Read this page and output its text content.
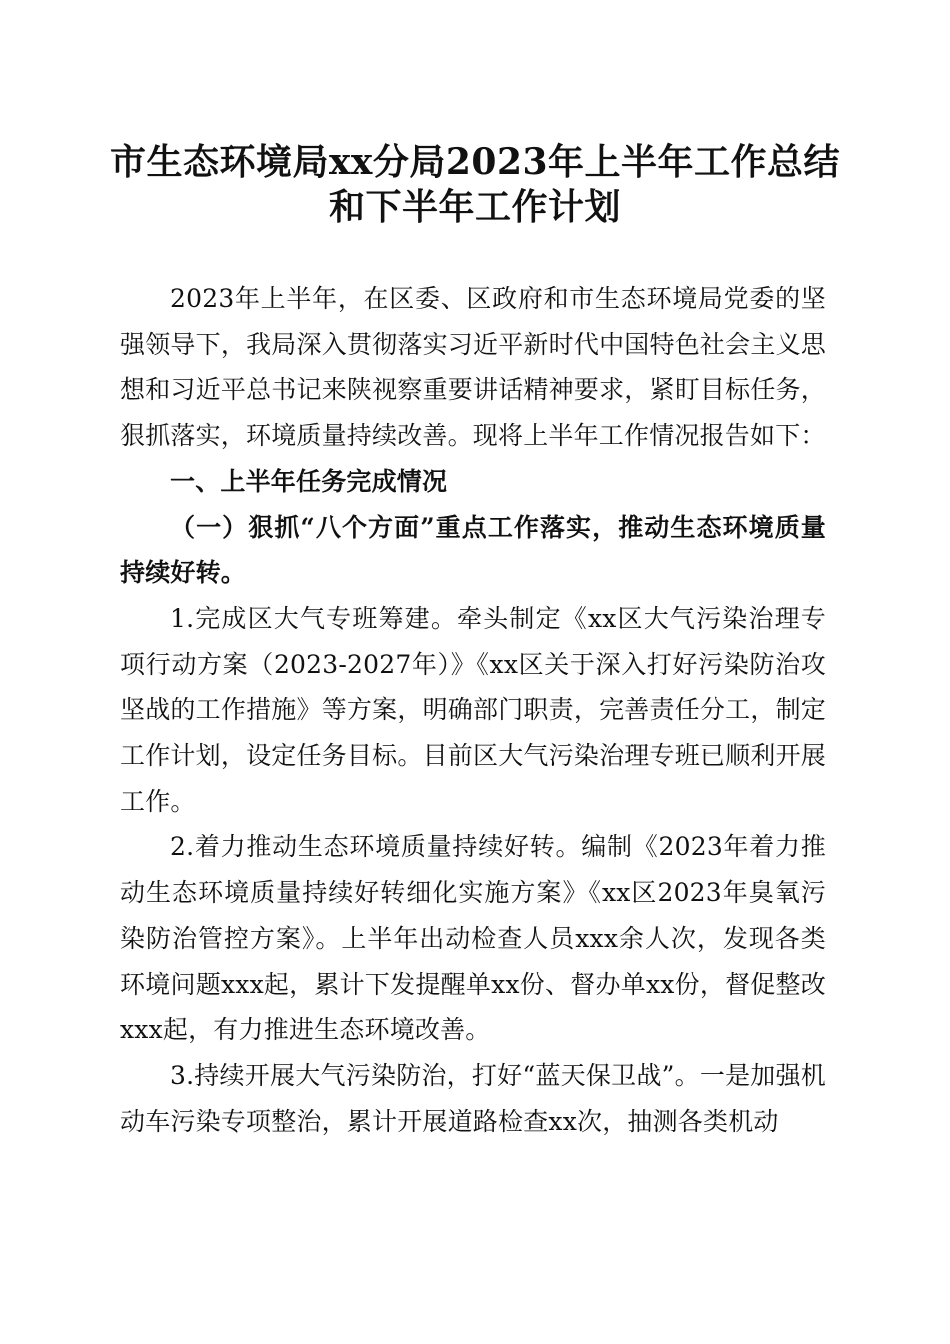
市生态环境局xx分局2023年上半年工作总结
和下半年工作计划

2023年上半年，在区委、区政府和市生态环境局党委的坚强领导下，我局深入贯彻落实习近平新时代中国特色社会主义思想和习近平总书记来陕视察重要讲话精神要求，紧盯目标任务，狠抓落实，环境质量持续改善。现将上半年工作情况报告如下：

一、上半年任务完成情况

（一）狠抓“八个方面”重点工作落实，推动生态环境质量持续好转。

1.完成区大气专班筹建。牵头制定《xx区大气污染治理专项行动方案（2023-2027年）》《xx区关于深入打好污染防治攻坚战的工作措施》等方案，明确部门职责，完善责任分工，制定工作计划，设定任务目标。目前区大气污染治理专班已顺利开展工作。

2.着力推动生态环境质量持续好转。编制《2023年着力推动生态环境质量持续好转细化实施方案》《xx区2023年臭氧污染防治管控方案》。上半年出动检查人员xxx余人次，发现各类环境问题xxx起，累计下发提醒单xx份、督办单xx份，督促整改xxx起，有力推进生态环境改善。

3.持续开展大气污染防治，打好“蓝天保卫战”。一是加强机动车污染专项整治，累计开展道路检查xx次，抽测各类机动
